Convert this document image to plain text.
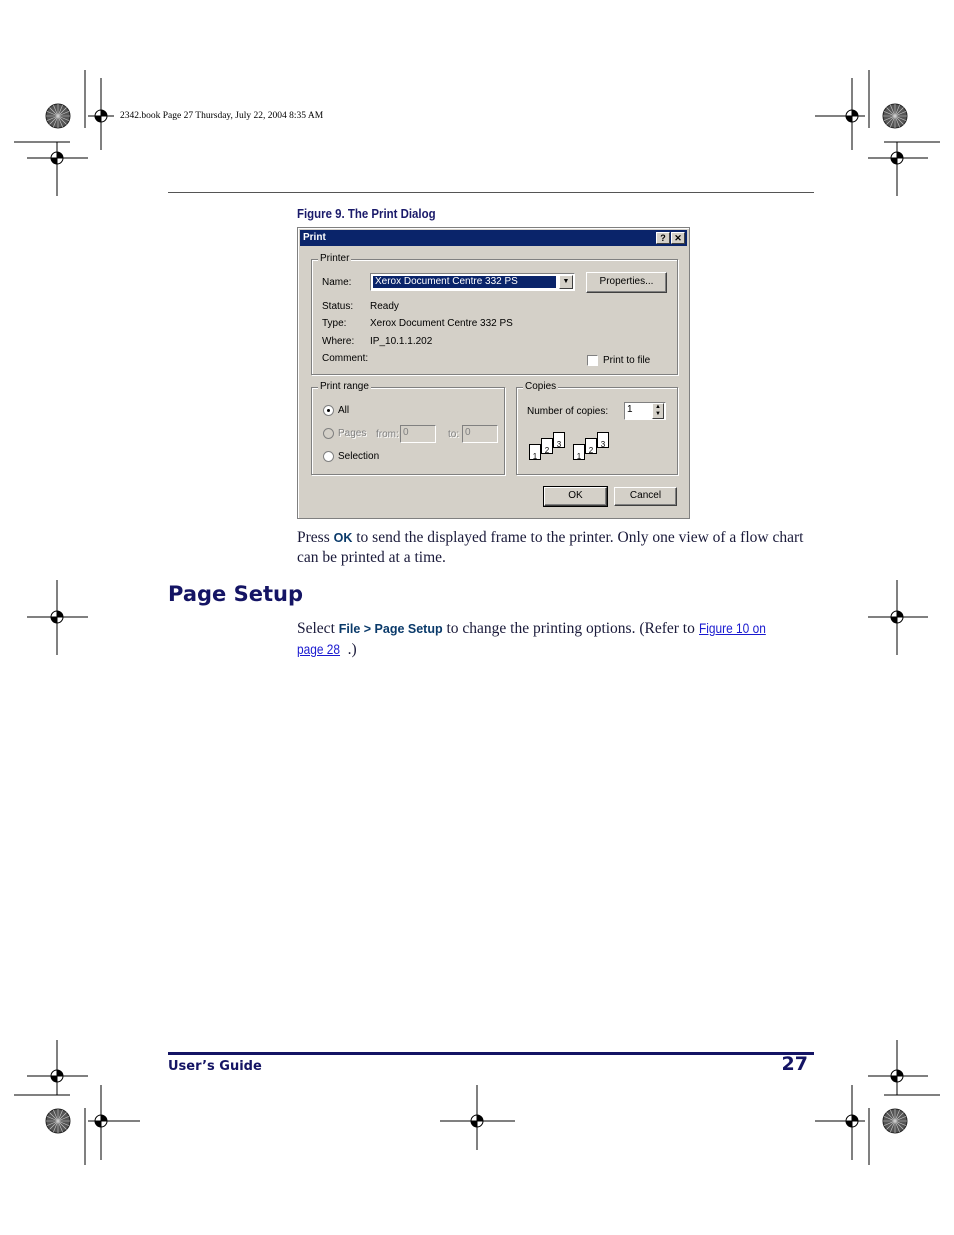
2342.book Page 27 Thursday, July 22, 2004 8:35 AM
Figure 9. The Print Dialog
Print	? ✕
Printer
Name: Xerox Document Centre 332 PS	▼	Properties...
Status: Ready
Type: Xerox Document Centre 332 PS
Where: IP_10.1.1.202
Comment:	Print to file
Print range
All
Pages from: 0	to: 0
Selection
Copies
Number of copies:	1	▲
▼
3
2
1
3
2
1
OK	Cancel
Press OK to send the displayed frame to the printer. Only one view of a flow chart can be printed at a time.
Page Setup
Select File > Page Setup to change the printing options. (Refer to Figure 10 on
page 28 .)
User’s Guide	27
